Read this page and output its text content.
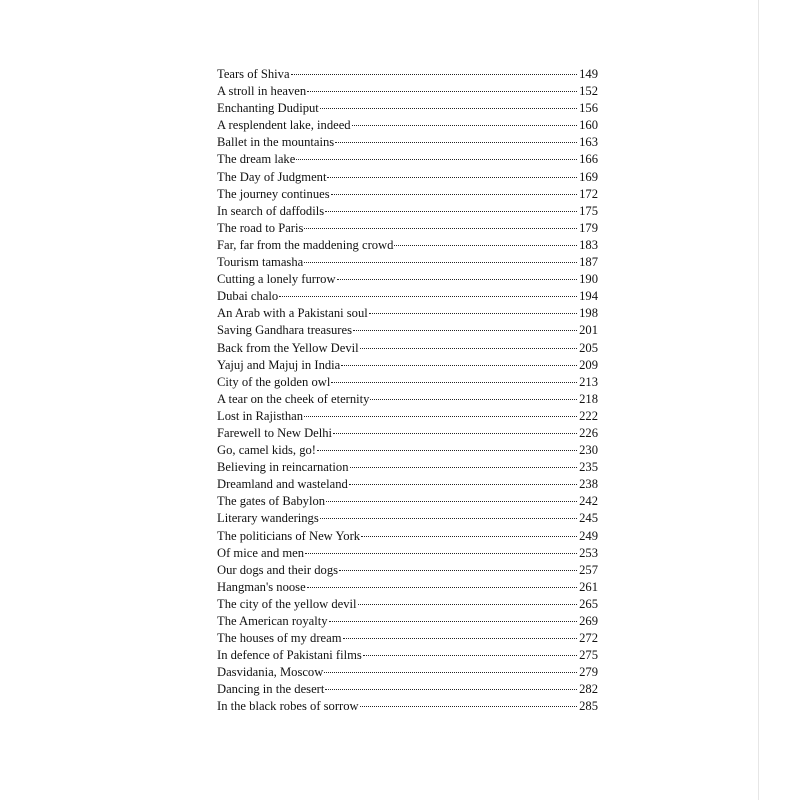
Tears of Shiva	149
A stroll in heaven	152
Enchanting Dudiput	156
A resplendent lake, indeed	160
Ballet in the mountains	163
The dream lake	166
The Day of Judgment	169
The journey continues	172
In search of daffodils	175
The road to Paris	179
Far, far from the maddening crowd	183
Tourism tamasha	187
Cutting a lonely furrow	190
Dubai chalo	194
An Arab with a Pakistani soul	198
Saving Gandhara treasures	201
Back from the Yellow Devil	205
Yajuj and Majuj in India	209
City of the golden owl	213
A tear on the cheek of eternity	218
Lost in Rajisthan	222
Farewell to New Delhi	226
Go, camel kids, go!	230
Believing in reincarnation	235
Dreamland and wasteland	238
The gates of Babylon	242
Literary wanderings	245
The politicians of New York	249
Of mice and men	253
Our dogs and their dogs	257
Hangman's noose	261
The city of the yellow devil	265
The American royalty	269
The houses of my dream	272
In defence of Pakistani films	275
Dasvidania, Moscow	279
Dancing in the desert	282
In the black robes of sorrow	285
